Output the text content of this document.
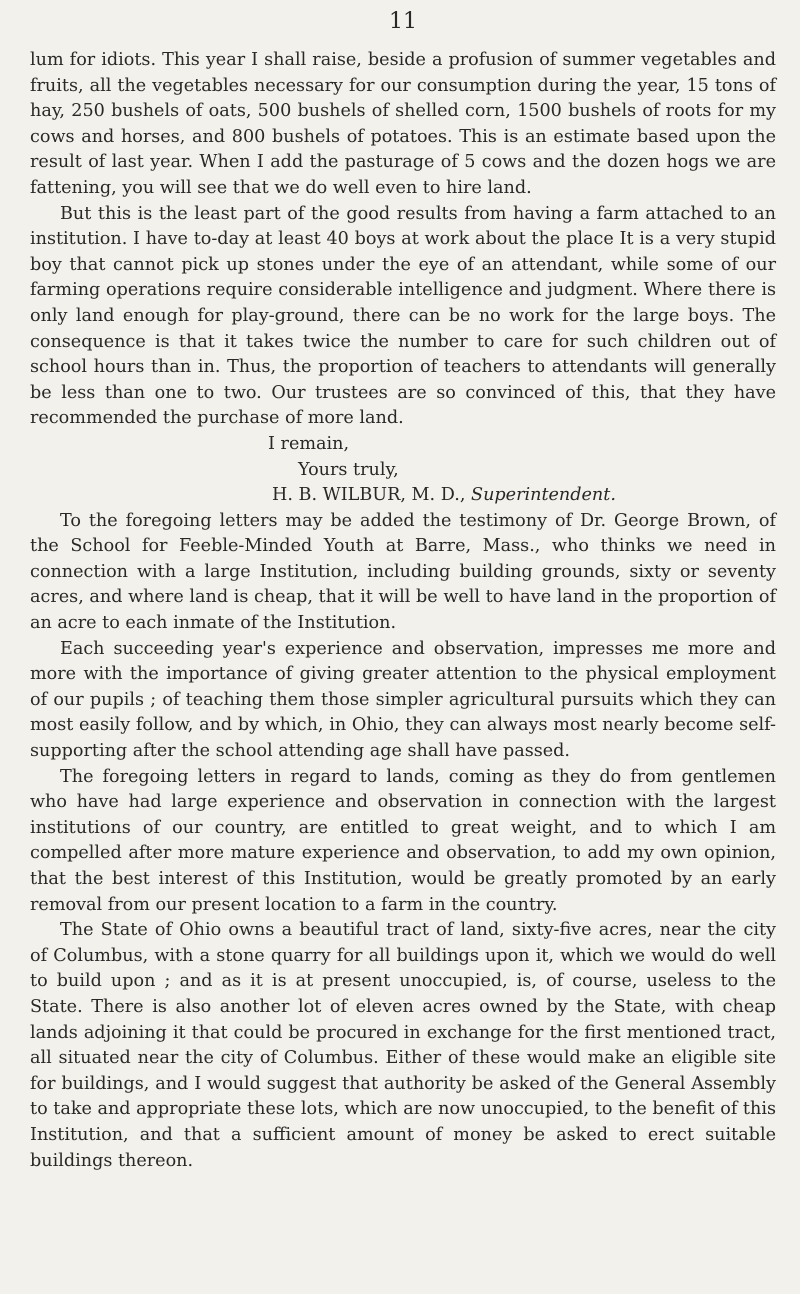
11

lum for idiots. This year I shall raise, beside a profusion of summer vegetables and fruits, all the vegetables necessary for our consumption during the year, 15 tons of hay, 250 bushels of oats, 500 bushels of shelled corn, 1500 bushels of roots for my cows and horses, and 800 bushels of potatoes. This is an estimate based upon the result of last year. When I add the pasturage of 5 cows and the dozen hogs we are fattening, you will see that we do well even to hire land.

But this is the least part of the good results from having a farm attached to an institution. I have to-day at least 40 boys at work about the place It is a very stupid boy that cannot pick up stones under the eye of an attendant, while some of our farming operations require considerable intelligence and judgment. Where there is only land enough for play-ground, there can be no work for the large boys. The consequence is that it takes twice the number to care for such children out of school hours than in. Thus, the proportion of teachers to attendants will generally be less than one to two. Our trustees are so convinced of this, that they have recommended the purchase of more land.

I remain,

Yours truly,

H. B. WILBUR, M. D., Superintendent.

To the foregoing letters may be added the testimony of Dr. George Brown, of the School for Feeble-Minded Youth at Barre, Mass., who thinks we need in connection with a large Institution, including building grounds, sixty or seventy acres, and where land is cheap, that it will be well to have land in the proportion of an acre to each inmate of the Institution.

Each succeeding year's experience and observation, impresses me more and more with the importance of giving greater attention to the physical employment of our pupils ; of teaching them those simpler agricultural pursuits which they can most easily follow, and by which, in Ohio, they can always most nearly become self-supporting after the school attending age shall have passed.

The foregoing letters in regard to lands, coming as they do from gentlemen who have had large experience and observation in connection with the largest institutions of our country, are entitled to great weight, and to which I am compelled after more mature experience and observation, to add my own opinion, that the best interest of this Institution, would be greatly promoted by an early removal from our present location to a farm in the country.

The State of Ohio owns a beautiful tract of land, sixty-five acres, near the city of Columbus, with a stone quarry for all buildings upon it, which we would do well to build upon ; and as it is at present unoccupied, is, of course, useless to the State. There is also another lot of eleven acres owned by the State, with cheap lands adjoining it that could be procured in exchange for the first mentioned tract, all situated near the city of Columbus. Either of these would make an eligible site for buildings, and I would suggest that authority be asked of the General Assembly to take and appropriate these lots, which are now unoccupied, to the benefit of this Institution, and that a sufficient amount of money be asked to erect suitable buildings thereon.
